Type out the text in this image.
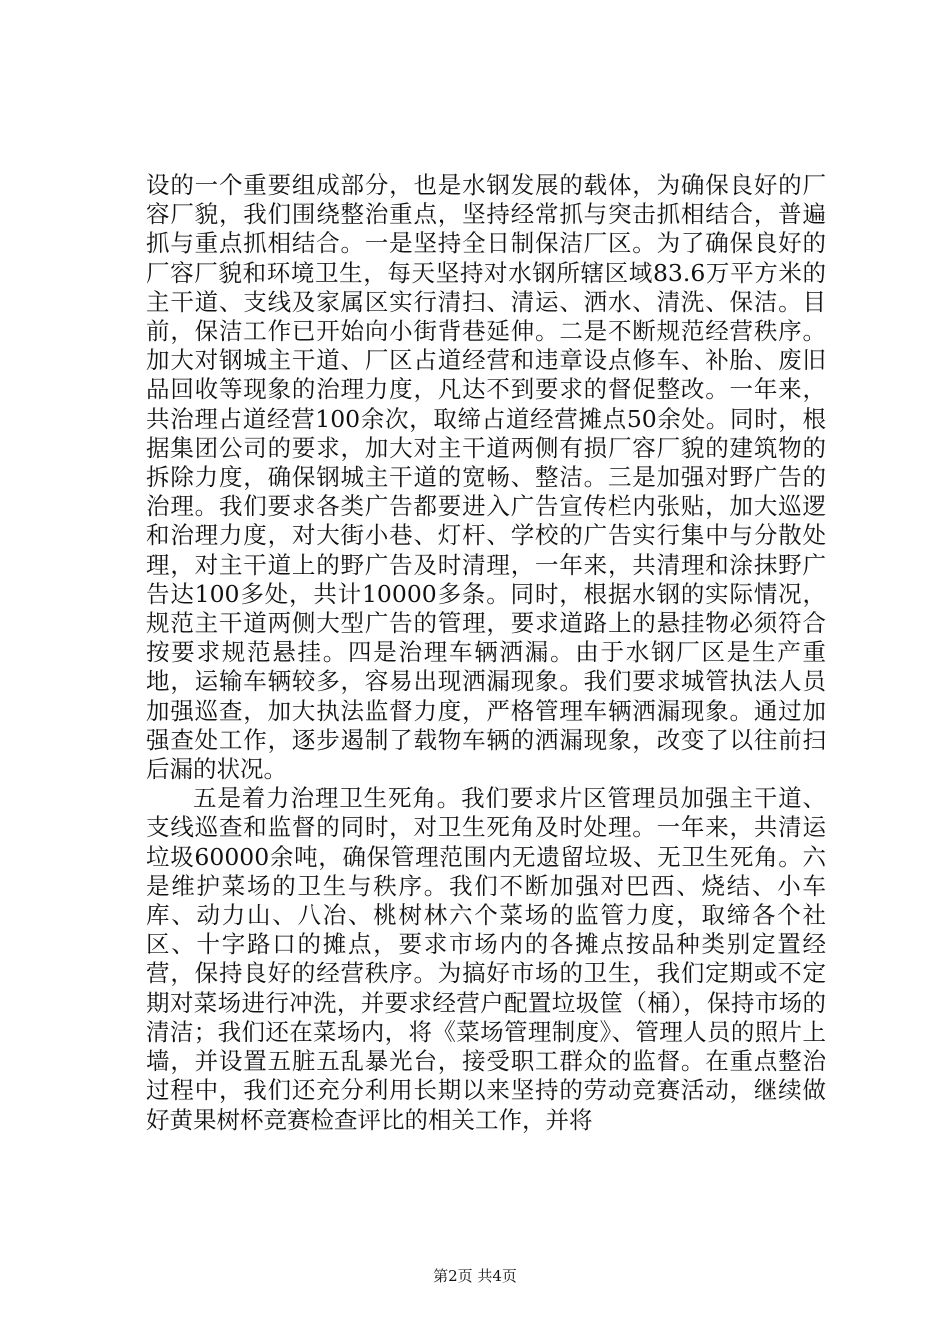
设的一个重要组成部分，也是水钢发展的载体，为确保良好的厂容厂貌，我们围绕整治重点，坚持经常抓与突击抓相结合，普遍抓与重点抓相结合。一是坚持全日制保洁厂区。为了确保良好的厂容厂貌和环境卫生，每天坚持对水钢所辖区域83.6万平方米的主干道、支线及家属区实行清扫、清运、洒水、清洗、保洁。目前，保洁工作已开始向小街背巷延伸。二是不断规范经营秩序。加大对钢城主干道、厂区占道经营和违章设点修车、补胎、废旧品回收等现象的治理力度，凡达不到要求的督促整改。一年来，共治理占道经营100余次，取缔占道经营摊点50余处。同时，根据集团公司的要求，加大对主干道两侧有损厂容厂貌的建筑物的拆除力度，确保钢城主干道的宽畅、整洁。三是加强对野广告的治理。我们要求各类广告都要进入广告宣传栏内张贴，加大巡逻和治理力度，对大街小巷、灯杆、学校的广告实行集中与分散处理，对主干道上的野广告及时清理，一年来，共清理和涂抹野广告达100多处，共计10000多条。同时，根据水钢的实际情况，规范主干道两侧大型广告的管理，要求道路上的悬挂物必须符合按要求规范悬挂。四是治理车辆洒漏。由于水钢厂区是生产重地，运输车辆较多，容易出现洒漏现象。我们要求城管执法人员加强巡查，加大执法监督力度，严格管理车辆洒漏现象。通过加强查处工作，逐步遏制了载物车辆的洒漏现象，改变了以往前扫后漏的状况。

五是着力治理卫生死角。我们要求片区管理员加强主干道、支线巡查和监督的同时，对卫生死角及时处理。一年来，共清运垃圾60000余吨，确保管理范围内无遗留垃圾、无卫生死角。六是维护菜场的卫生与秩序。我们不断加强对巴西、烧结、小车库、动力山、八冶、桃树林六个菜场的监管力度，取缔各个社区、十字路口的摊点，要求市场内的各摊点按品种类别定置经营，保持良好的经营秩序。为搞好市场的卫生，我们定期或不定期对菜场进行冲洗，并要求经营户配置垃圾筐（桶），保持市场的清洁；我们还在菜场内，将《菜场管理制度》、管理人员的照片上墙，并设置五脏五乱暴光台，接受职工群众的监督。在重点整治过程中，我们还充分利用长期以来坚持的劳动竞赛活动，继续做好黄果树杯竞赛检查评比的相关工作，并将

第2页 共4页
